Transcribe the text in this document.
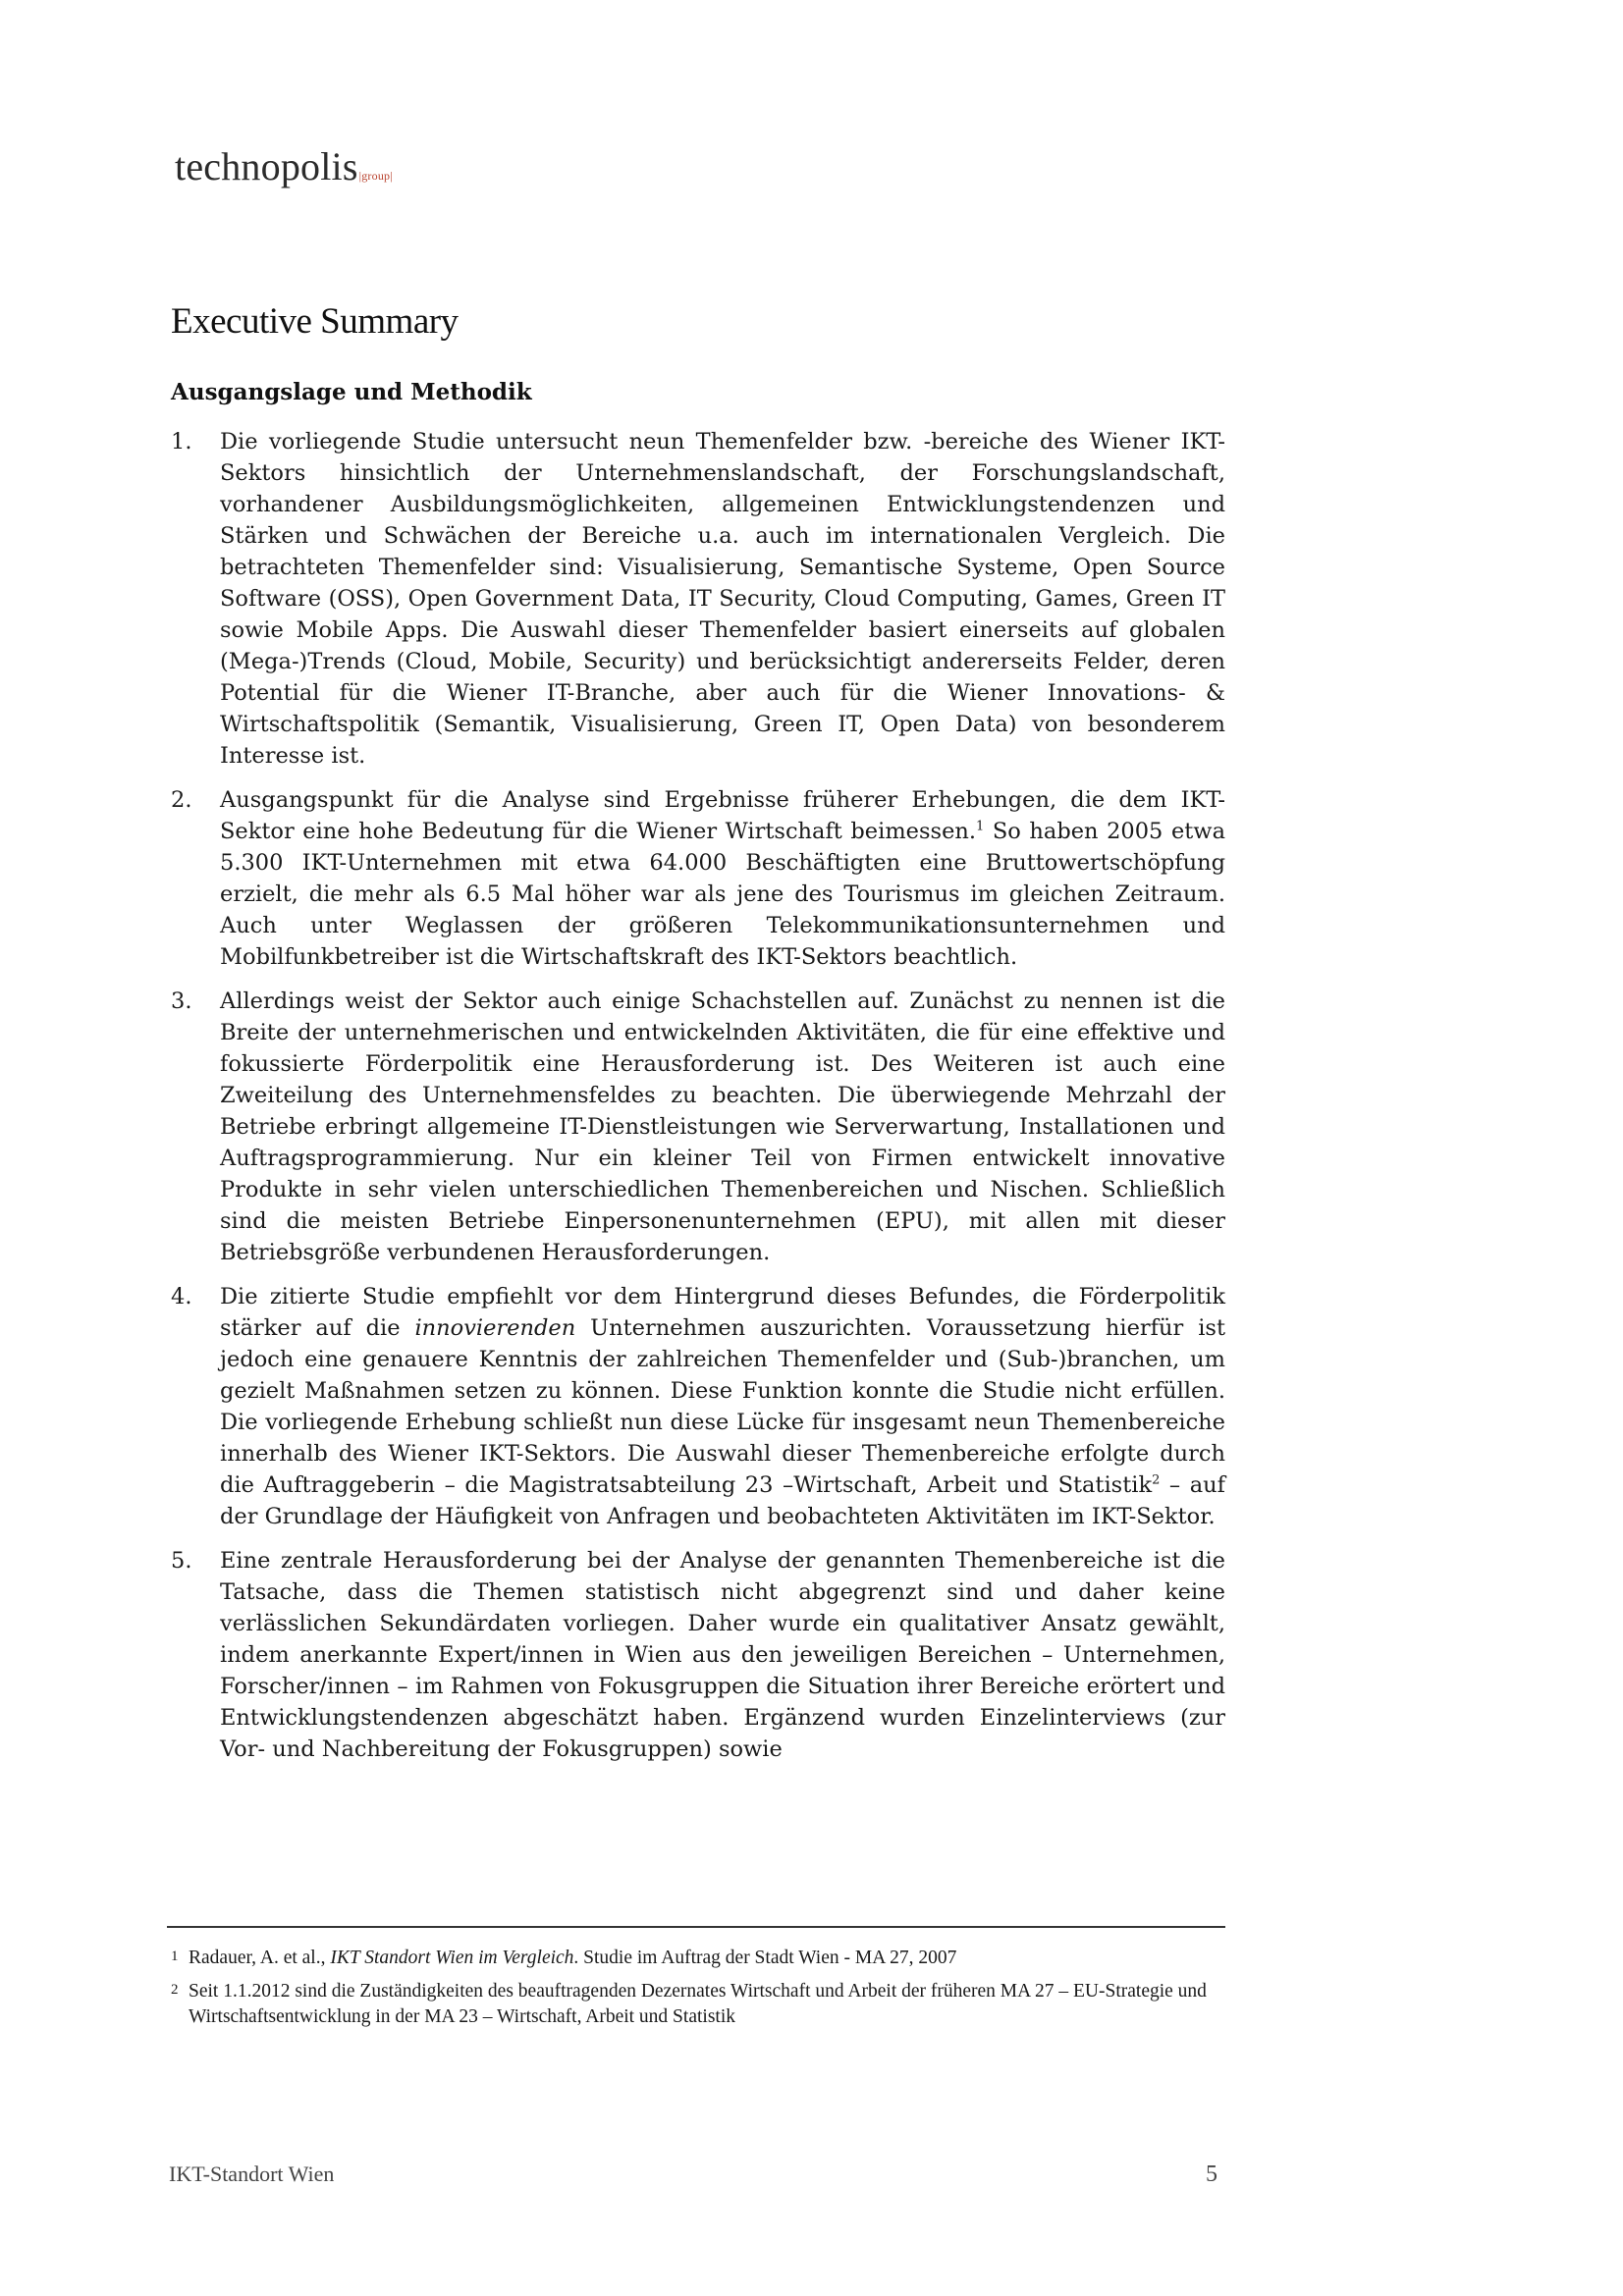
technopolis|group|
Executive Summary
Ausgangslage und Methodik
1. Die vorliegende Studie untersucht neun Themenfelder bzw. -bereiche des Wiener IKT-Sektors hinsichtlich der Unternehmenslandschaft, der Forschungslandschaft, vorhandener Ausbildungsmöglichkeiten, allgemeinen Entwicklungstendenzen und Stärken und Schwächen der Bereiche u.a. auch im internationalen Vergleich. Die betrachteten Themenfelder sind: Visualisierung, Semantische Systeme, Open Source Software (OSS), Open Government Data, IT Security, Cloud Computing, Games, Green IT sowie Mobile Apps. Die Auswahl dieser Themenfelder basiert einerseits auf globalen (Mega-)Trends (Cloud, Mobile, Security) und berücksichtigt andererseits Felder, deren Potential für die Wiener IT-Branche, aber auch für die Wiener Innovations- & Wirtschaftspolitik (Semantik, Visualisierung, Green IT, Open Data) von besonderem Interesse ist.
2. Ausgangspunkt für die Analyse sind Ergebnisse früherer Erhebungen, die dem IKT-Sektor eine hohe Bedeutung für die Wiener Wirtschaft beimessen.$^1$ So haben 2005 etwa 5.300 IKT-Unternehmen mit etwa 64.000 Beschäftigten eine Bruttowertschöpfung erzielt, die mehr als 6.5 Mal höher war als jene des Tourismus im gleichen Zeitraum. Auch unter Weglassen der größeren Telekommunikationsunternehmen und Mobilfunkbetreiber ist die Wirtschaftskraft des IKT-Sektors beachtlich.
3. Allerdings weist der Sektor auch einige Schachstellen auf. Zunächst zu nennen ist die Breite der unternehmerischen und entwickelnden Aktivitäten, die für eine effektive und fokussierte Förderpolitik eine Herausforderung ist. Des Weiteren ist auch eine Zweiteilung des Unternehmensfeldes zu beachten. Die überwiegende Mehrzahl der Betriebe erbringt allgemeine IT-Dienstleistungen wie Serverwartung, Installationen und Auftragsprogrammierung. Nur ein kleiner Teil von Firmen entwickelt innovative Produkte in sehr vielen unterschiedlichen Themenbereichen und Nischen. Schließlich sind die meisten Betriebe Einpersonenunternehmen (EPU), mit allen mit dieser Betriebsgröße verbundenen Herausforderungen.
4. Die zitierte Studie empfiehlt vor dem Hintergrund dieses Befundes, die Förderpolitik stärker auf die innovierenden Unternehmen auszurichten. Voraussetzung hierfür ist jedoch eine genauere Kenntnis der zahlreichen Themenfelder und (Sub-)branchen, um gezielt Maßnahmen setzen zu können. Diese Funktion konnte die Studie nicht erfüllen. Die vorliegende Erhebung schließt nun diese Lücke für insgesamt neun Themenbereiche innerhalb des Wiener IKT-Sektors. Die Auswahl dieser Themenbereiche erfolgte durch die Auftraggeberin – die Magistratsabteilung 23 –Wirtschaft, Arbeit und Statistik$^2$ – auf der Grundlage der Häufigkeit von Anfragen und beobachteten Aktivitäten im IKT-Sektor.
5. Eine zentrale Herausforderung bei der Analyse der genannten Themenbereiche ist die Tatsache, dass die Themen statistisch nicht abgegrenzt sind und daher keine verlässlichen Sekundärdaten vorliegen. Daher wurde ein qualitativer Ansatz gewählt, indem anerkannte Expert/innen in Wien aus den jeweiligen Bereichen – Unternehmen, Forscher/innen – im Rahmen von Fokusgruppen die Situation ihrer Bereiche erörtert und Entwicklungstendenzen abgeschätzt haben. Ergänzend wurden Einzelinterviews (zur Vor- und Nachbereitung der Fokusgruppen) sowie
1 Radauer, A. et al., IKT Standort Wien im Vergleich. Studie im Auftrag der Stadt Wien - MA 27, 2007
2 Seit 1.1.2012 sind die Zuständigkeiten des beauftragenden Dezernates Wirtschaft und Arbeit der früheren MA 27 – EU-Strategie und Wirtschaftsentwicklung in der MA 23 – Wirtschaft, Arbeit und Statistik
IKT-Standort Wien	5
